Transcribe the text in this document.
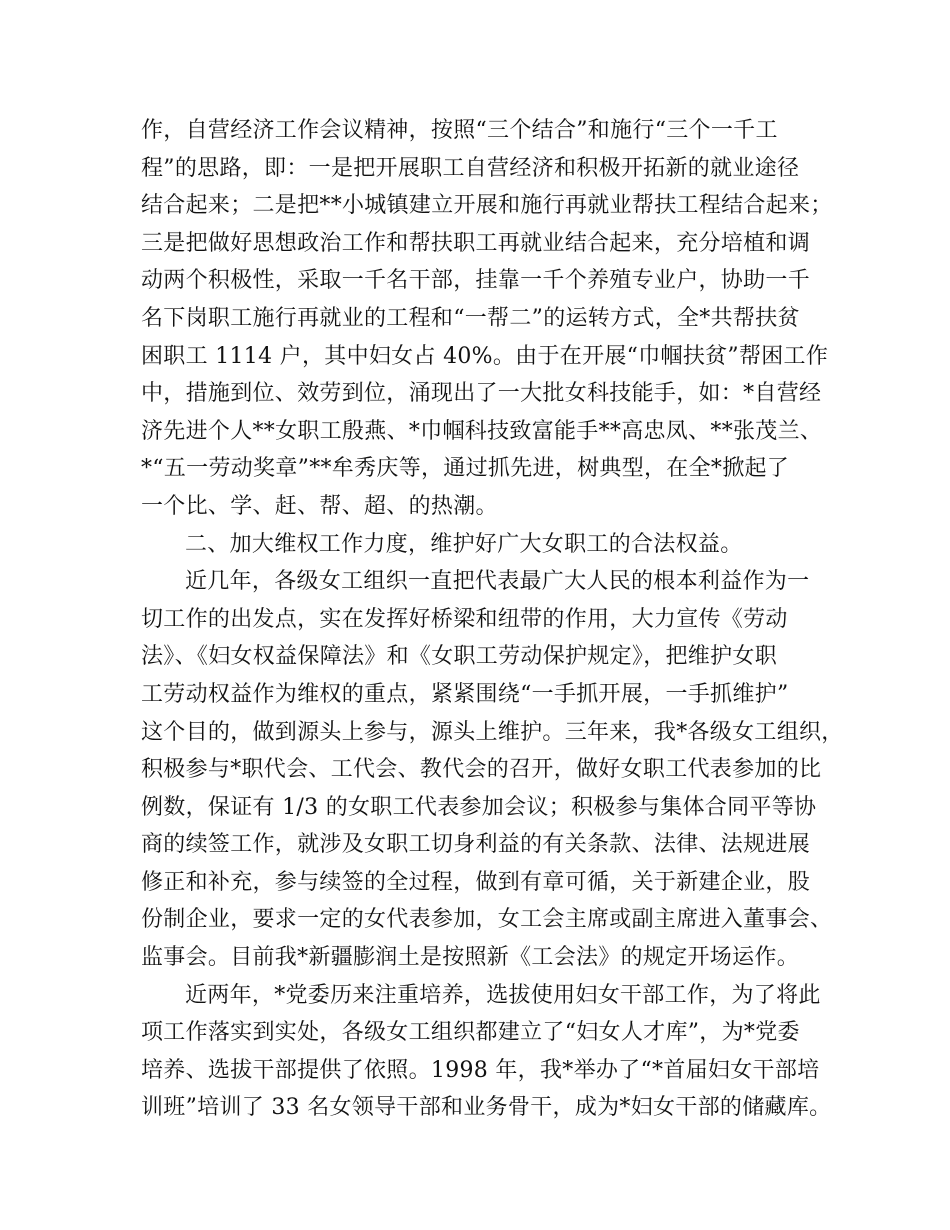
作，自营经济工作会议精神，按照“三个结合”和施行“三个一千工
程”的思路，即：一是把开展职工自营经济和积极开拓新的就业途径
结合起来；二是把**小城镇建立开展和施行再就业帮扶工程结合起来；
三是把做好思想政治工作和帮扶职工再就业结合起来，充分培植和调
动两个积极性，采取一千名干部，挂靠一千个养殖专业户，协助一千
名下岗职工施行再就业的工程和“一帮二”的运转方式，全*共帮扶贫
困职工 1114 户，其中妇女占 40%。由于在开展“巾帼扶贫”帮困工作
中，措施到位、效劳到位，涌现出了一大批女科技能手，如：*自营经
济先进个人**女职工殷燕、*巾帼科技致富能手**高忠凤、**张茂兰、
*“五一劳动奖章”**牟秀庆等，通过抓先进，树典型，在全*掀起了
一个比、学、赶、帮、超、的热潮。
二、加大维权工作力度，维护好广大女职工的合法权益。
近几年，各级女工组织一直把代表最广大人民的根本利益作为一
切工作的出发点，实在发挥好桥梁和纽带的作用，大力宣传《劳动
法》、《妇女权益保障法》和《女职工劳动保护规定》，把维护女职
工劳动权益作为维权的重点，紧紧围绕“一手抓开展，一手抓维护”
这个目的，做到源头上参与，源头上维护。三年来，我*各级女工组织，
积极参与*职代会、工代会、教代会的召开，做好女职工代表参加的比
例数，保证有 1/3 的女职工代表参加会议；积极参与集体合同平等协
商的续签工作，就涉及女职工切身利益的有关条款、法律、法规进展
修正和补充，参与续签的全过程，做到有章可循，关于新建企业，股
份制企业，要求一定的女代表参加，女工会主席或副主席进入董事会、
监事会。目前我*新疆膨润土是按照新《工会法》的规定开场运作。
近两年，*党委历来注重培养，选拔使用妇女干部工作，为了将此
项工作落实到实处，各级女工组织都建立了“妇女人才库”，为*党委
培养、选拔干部提供了依照。1998 年，我*举办了“*首届妇女干部培
训班”培训了 33 名女领导干部和业务骨干，成为*妇女干部的储藏库。
